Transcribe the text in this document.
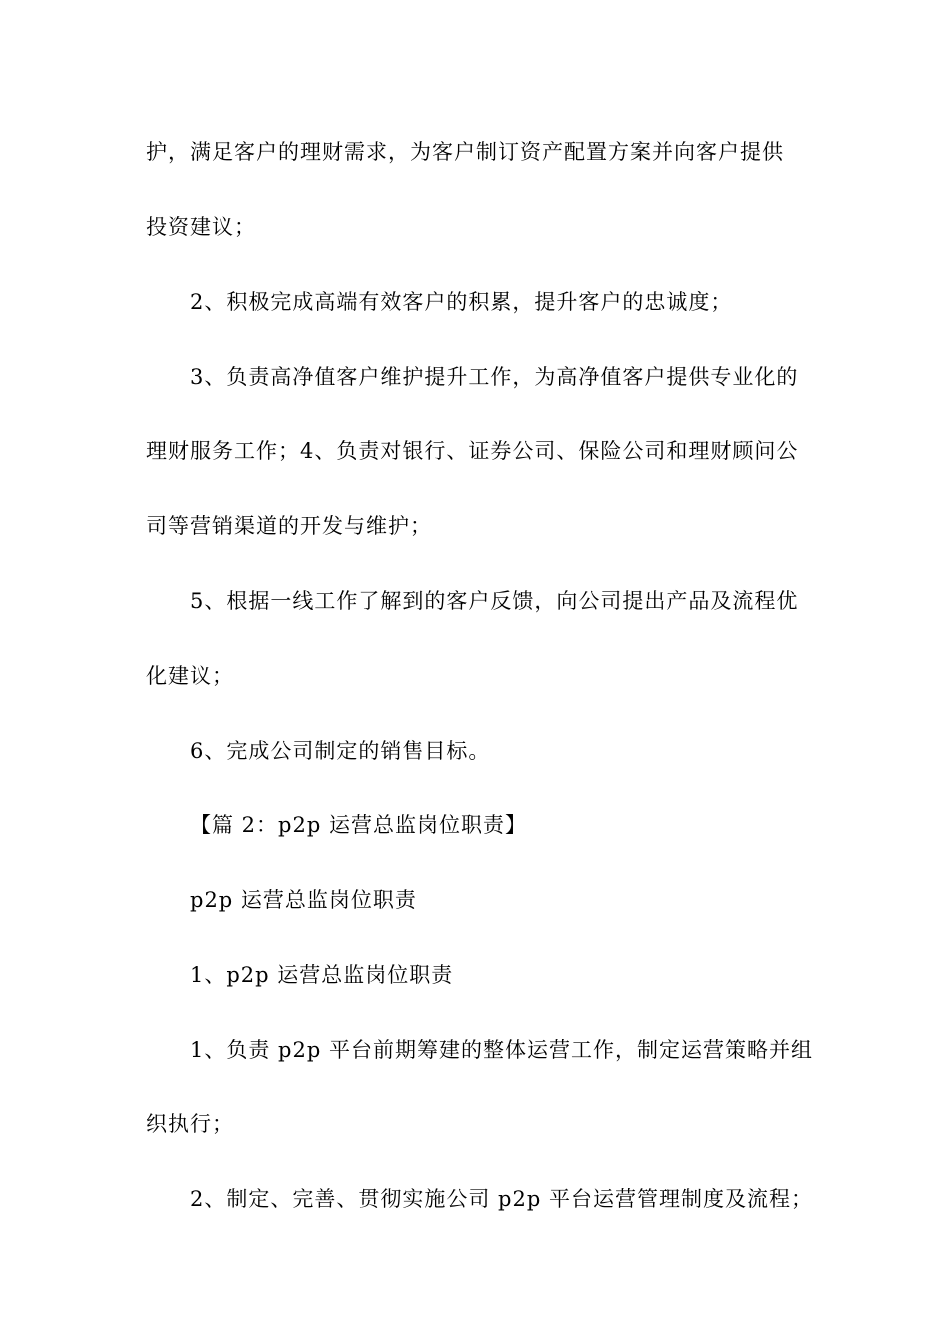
护，满足客户的理财需求，为客户制订资产配置方案并向客户提供
投资建议；
2、积极完成高端有效客户的积累，提升客户的忠诚度；
3、负责高净值客户维护提升工作，为高净值客户提供专业化的
理财服务工作；4、负责对银行、证券公司、保险公司和理财顾问公
司等营销渠道的开发与维护；
5、根据一线工作了解到的客户反馈，向公司提出产品及流程优
化建议；
6、完成公司制定的销售目标。
【篇 2：p2p 运营总监岗位职责】
p2p 运营总监岗位职责
1、p2p 运营总监岗位职责
1、负责 p2p 平台前期筹建的整体运营工作，制定运营策略并组
织执行；
2、制定、完善、贯彻实施公司 p2p 平台运营管理制度及流程；
